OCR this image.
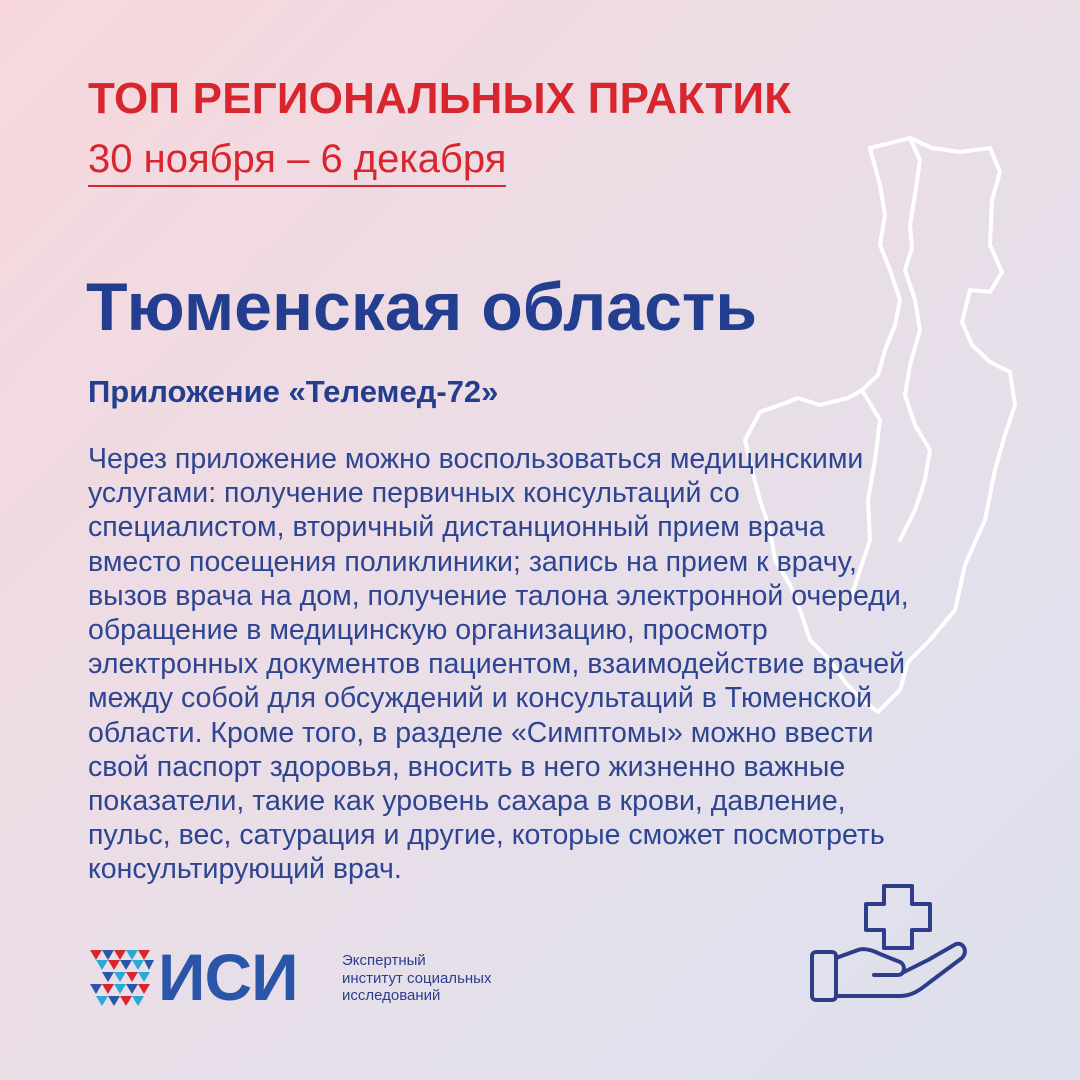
ТОП РЕГИОНАЛЬНЫХ ПРАКТИК
30 ноября – 6 декабря
Тюменская область
Приложение «Телемед-72»

Через приложение можно воспользоваться медицинскими
услугами: получение первичных консультаций со
специалистом, вторичный дистанционный прием врача
вместо посещения поликлиники; запись на прием к врачу,
вызов врача на дом, получение талона электронной очереди,
обращение в медицинскую организацию, просмотр
электронных документов пациентом, взаимодействие врачей
между собой для обсуждений и консультаций в Тюменской
области. Кроме того, в разделе «Симптомы» можно ввести
свой паспорт здоровья, вносить в него жизненно важные
показатели, такие как уровень сахара в крови, давление,
пульс, вес, сатурация и другие, которые сможет посмотреть
консультирующий врач.

ИСИ	Экспертный
институт социальных
исследований
